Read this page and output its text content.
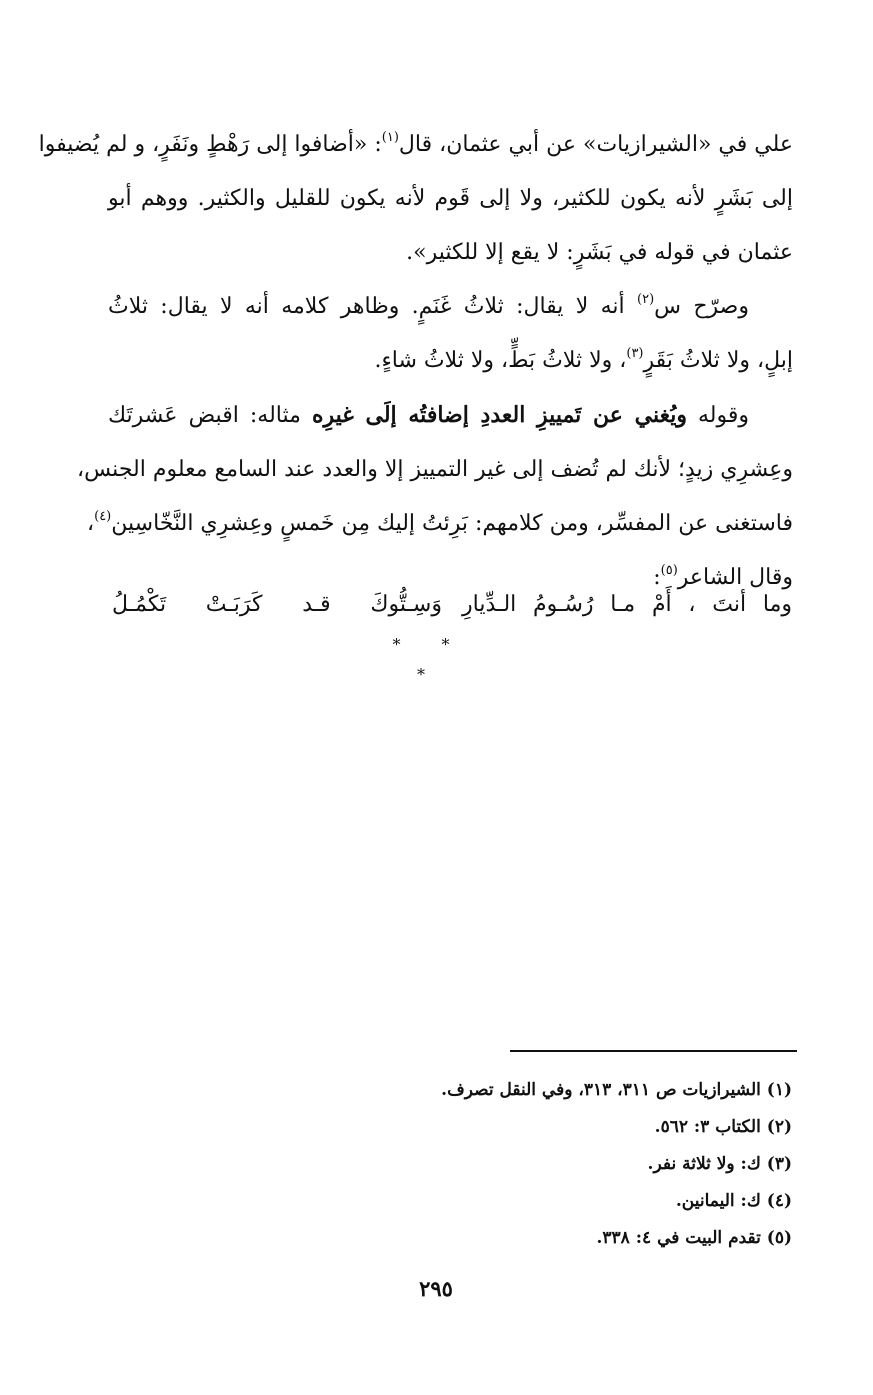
علي في «الشيرازيات» عن أبي عثمان، قال$^{(١)}$: «أضافوا إلى رَهْطٍ ونَفَرٍ، و لم يُضيفوا
إلى بَشَرٍ لأنه يكون للكثير، ولا إلى قَوم لأنه يكون للقليل والكثير. ووهم أبو
عثمان في قوله في بَشَرٍ: لا يقع إلا للكثير».

وصرّح س$^{(٢)}$ أنه لا يقال: ثلاثُ غَنَمٍ. وظاهر كلامه أنه لا يقال: ثلاثُ
إبلٍ، ولا ثلاثُ بَقَرٍ$^{(٣)}$، ولا ثلاثُ بَطٍّ، ولا ثلاثُ شاءٍ.

وقوله ويُغني عن تَمييزِ العددِ إضافتُه إلَى غيرِه مثاله: اقبض عَشرتَك
وعِشرِي زيدٍ؛ لأنك لم تُضف إلى غير التمييز إلا والعدد عند السامع معلوم الجنس،
فاستغنى عن المفسِّر، ومن كلامهم: بَرِئتُ إليك مِن خَمسٍ وعِشرِي النَّخّاسِين$^{(٤)}$،
وقال الشاعر$^{(٥)}$:

وما أنتَ ، أَمْ مـا رُسُـومُ الـدِّيارِ
وَسِـتُّوكَ قـد كَرَبَـتْ تَكْمُـلُ
* * *
(١) الشيرازيات ص ٣١١، ٣١٣، وفي النقل تصرف.
(٢) الكتاب ٣: ٥٦٢.
(٣) ك: ولا ثلاثة نفر.
(٤) ك: اليمانين.
(٥) تقدم البيت في ٤: ٣٣٨.
٢٩٥
